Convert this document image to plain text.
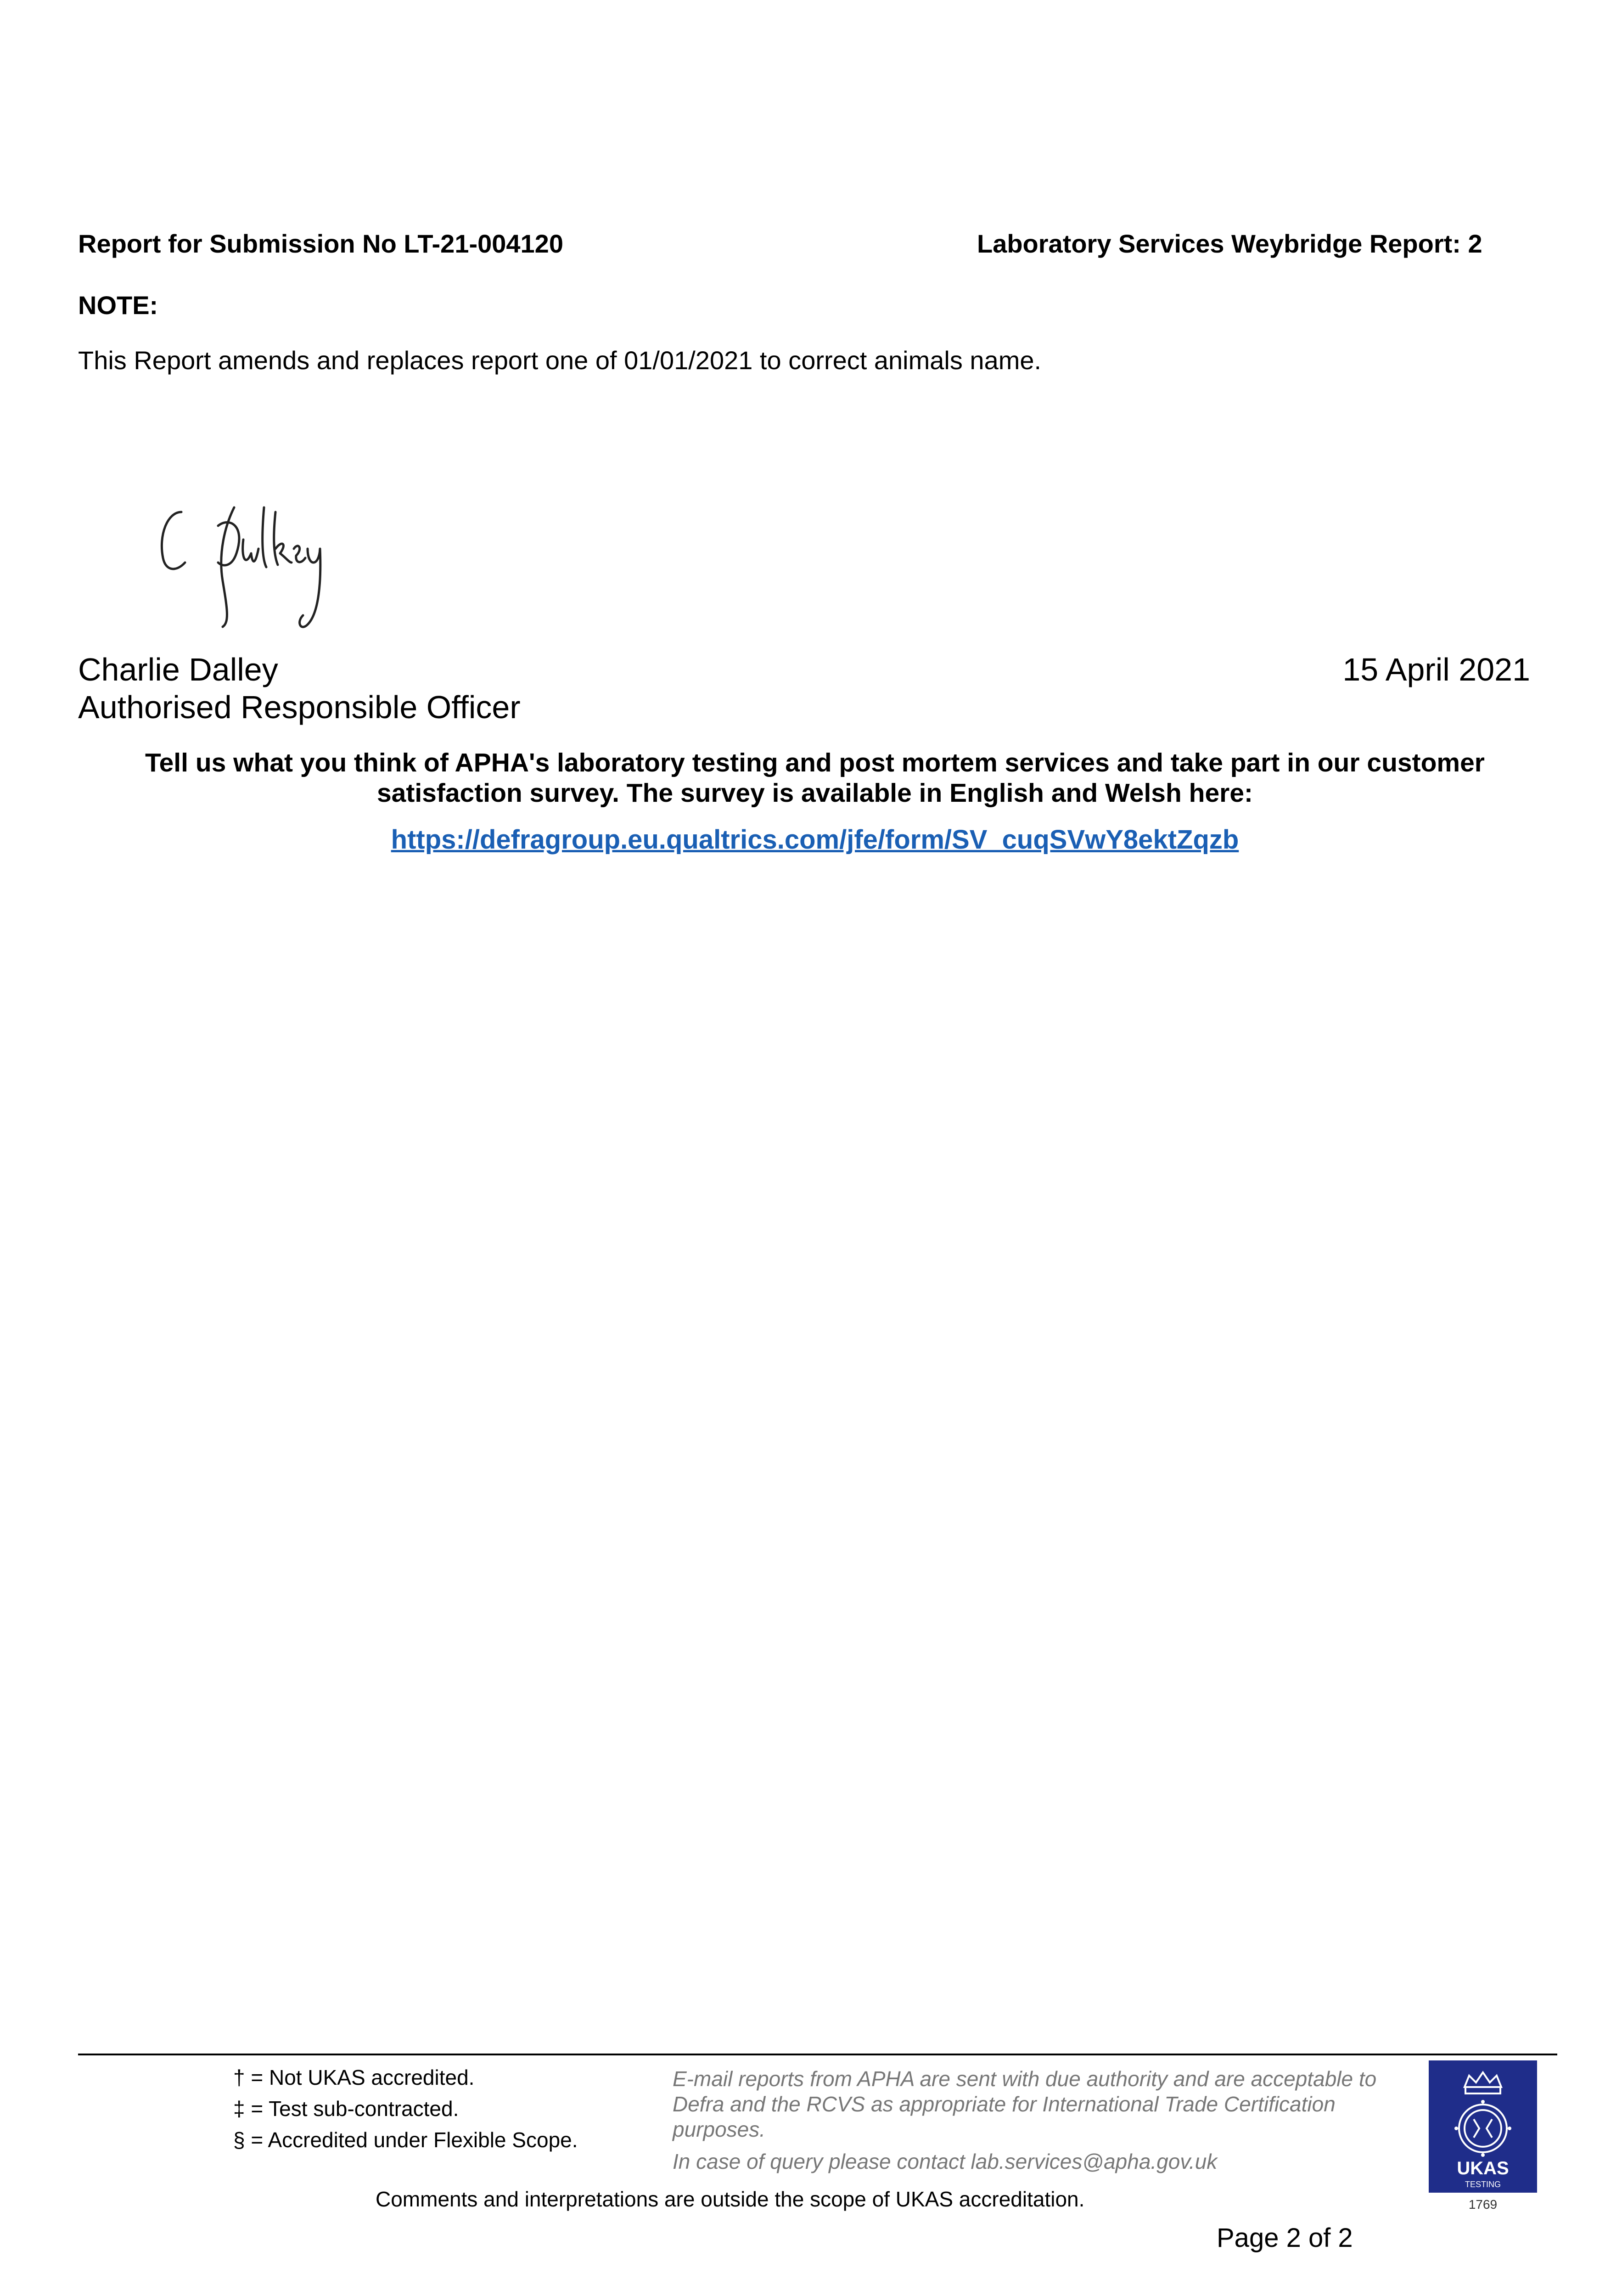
Report for Submission No LT-21-004120	Laboratory Services Weybridge Report: 2
NOTE:
This Report amends and replaces report one of 01/01/2021 to correct animals name.
Charlie Dalley
Authorised Responsible Officer
15 April 2021
Tell us what you think of APHA's laboratory testing and post mortem services and take part in our customer
satisfaction survey. The survey is available in English and Welsh here:
https://defragroup.eu.qualtrics.com/jfe/form/SV_cuqSVwY8ektZqzb
† = Not UKAS accredited.
‡ = Test sub-contracted.
§ = Accredited under Flexible Scope.
E-mail reports from APHA are sent with due authority and are acceptable to Defra and the RCVS as appropriate for International Trade Certification purposes.
In case of query please contact lab.services@apha.gov.uk
Comments and interpretations are outside the scope of UKAS accreditation.
Page 2 of 2
UKAS
TESTING
1769
